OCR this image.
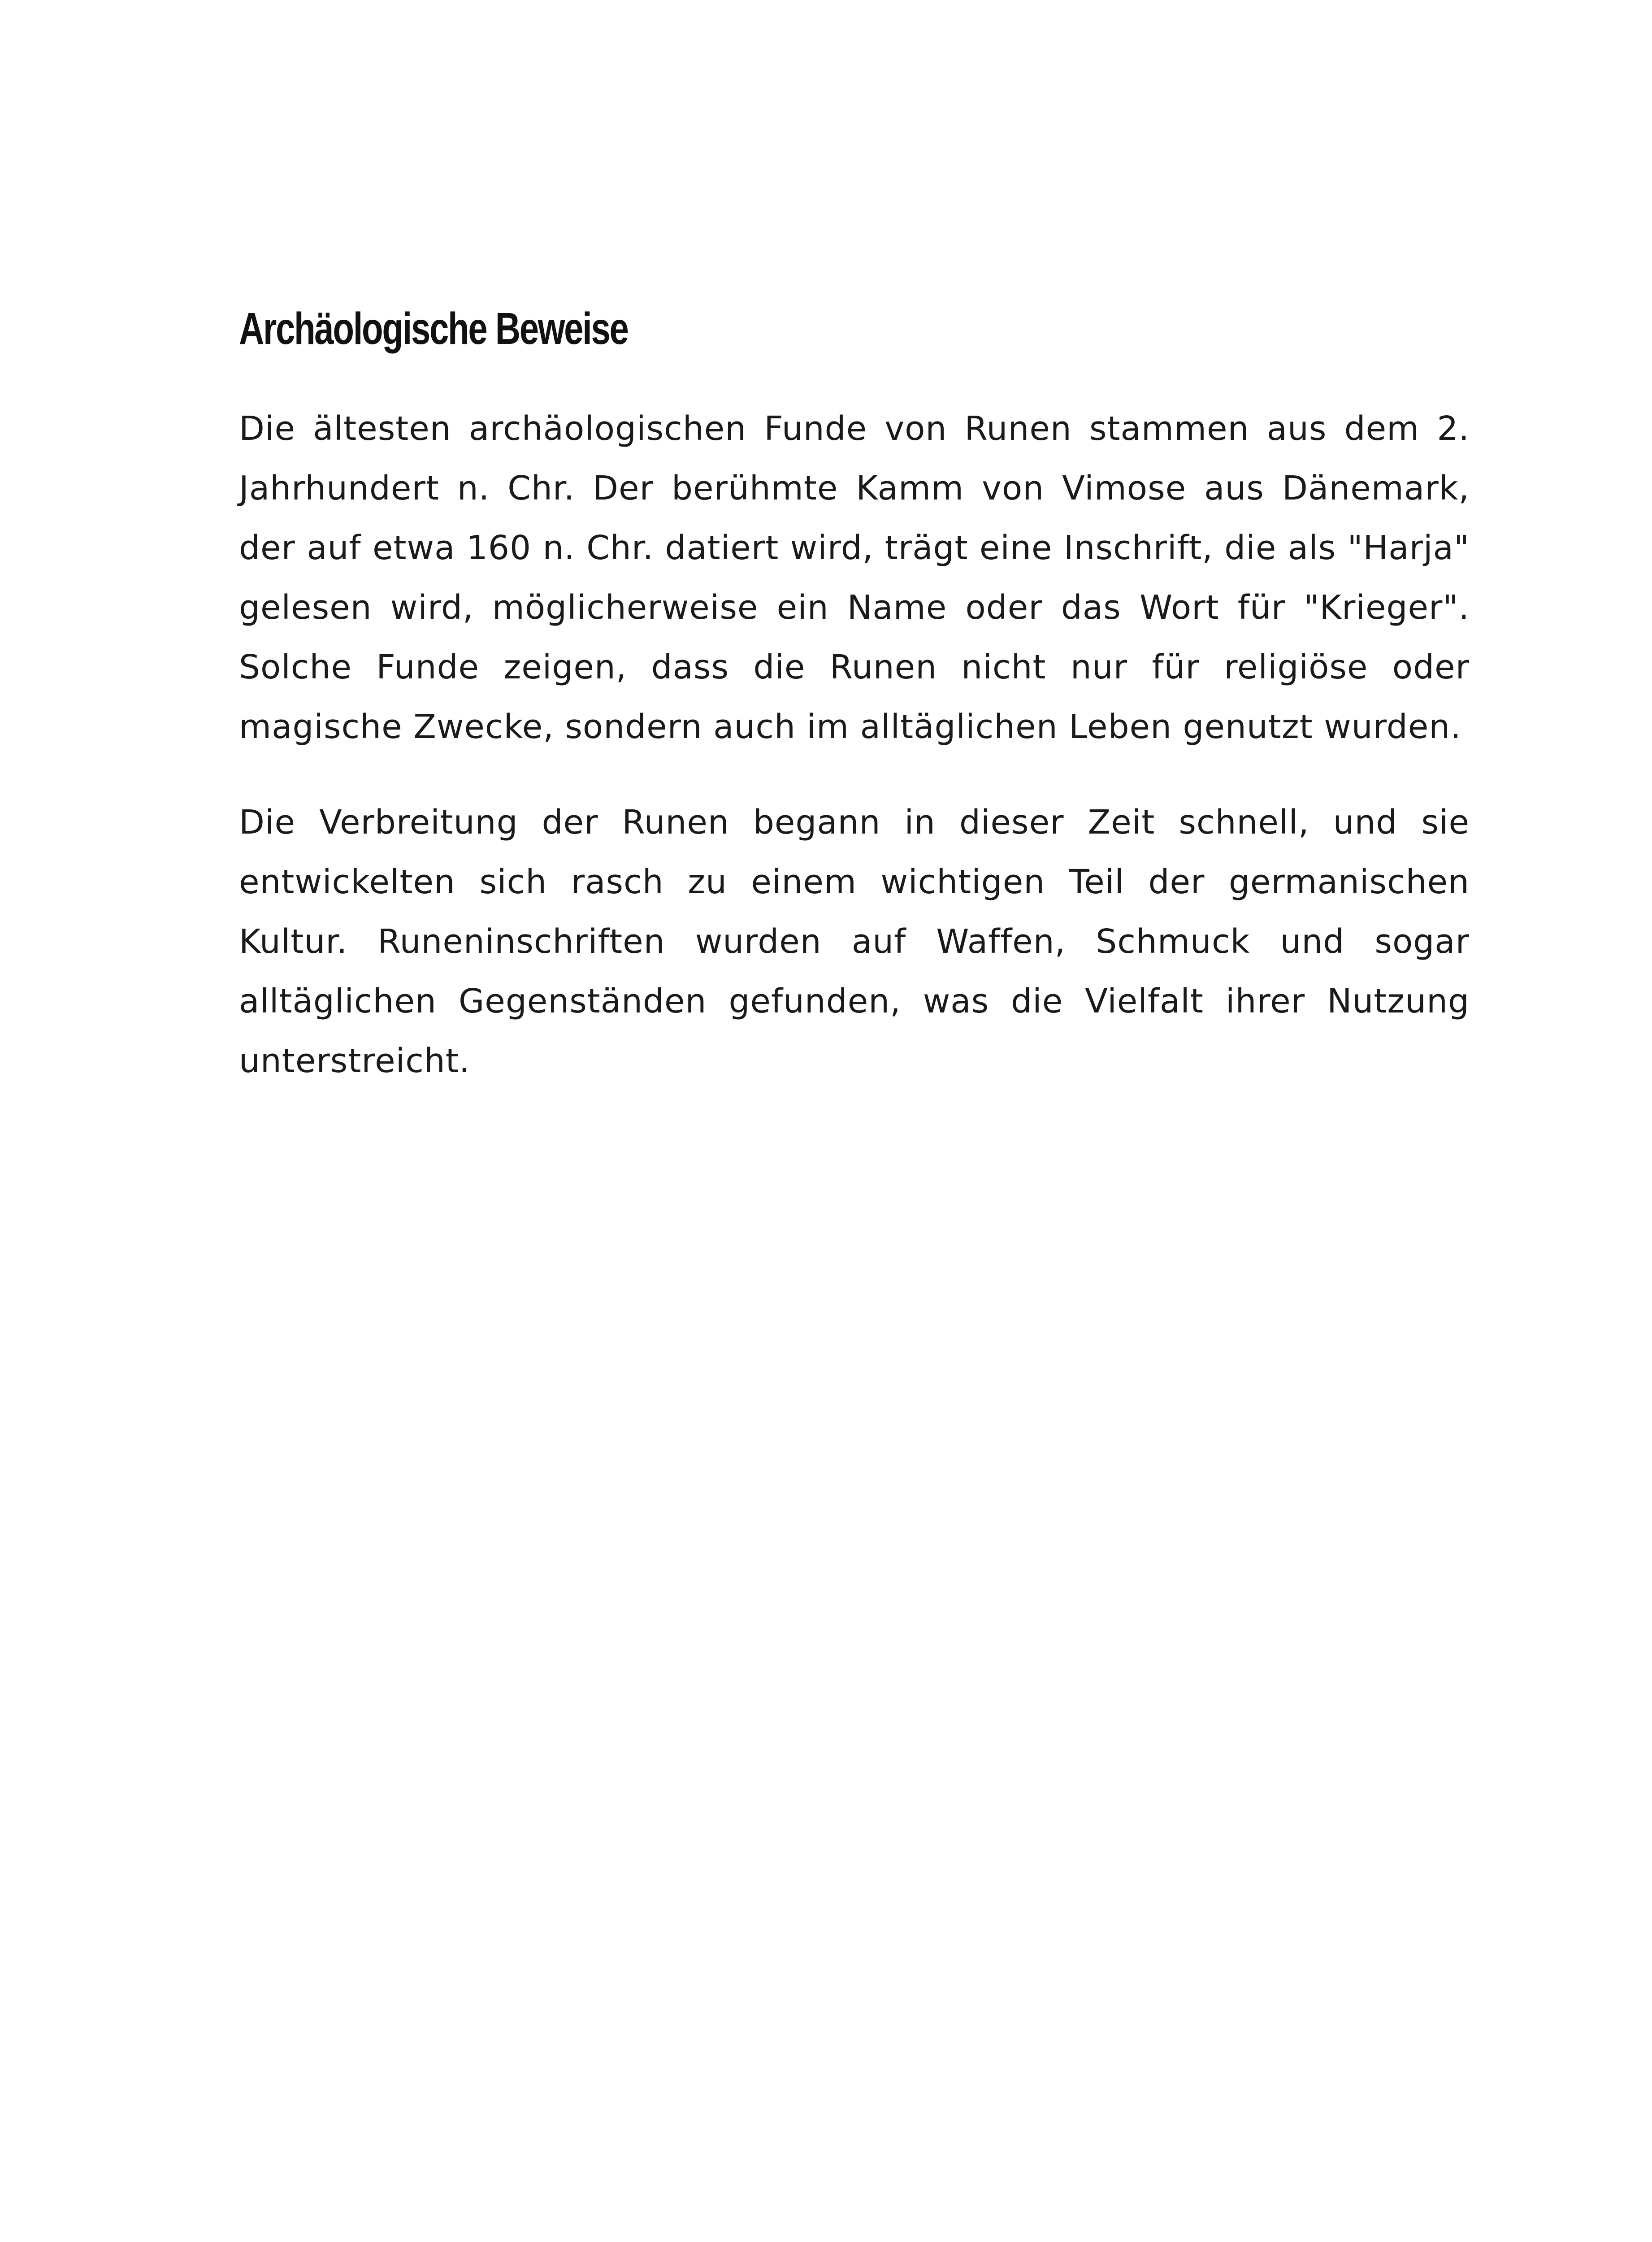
Archäologische Beweise

Die ältesten archäologischen Funde von Runen stammen aus dem 2. Jahrhundert n. Chr. Der berühmte Kamm von Vimose aus Dänemark, der auf etwa 160 n. Chr. datiert wird, trägt eine Inschrift, die als "Harja" gelesen wird, möglicherweise ein Name oder das Wort für "Krieger". Solche Funde zeigen, dass die Runen nicht nur für religiöse oder magische Zwecke, sondern auch im alltäglichen Leben genutzt wurden.

Die Verbreitung der Runen begann in dieser Zeit schnell, und sie entwickelten sich rasch zu einem wichtigen Teil der germanischen Kultur. Runeninschriften wurden auf Waffen, Schmuck und sogar alltäglichen Gegenständen gefunden, was die Vielfalt ihrer Nutzung unterstreicht.
